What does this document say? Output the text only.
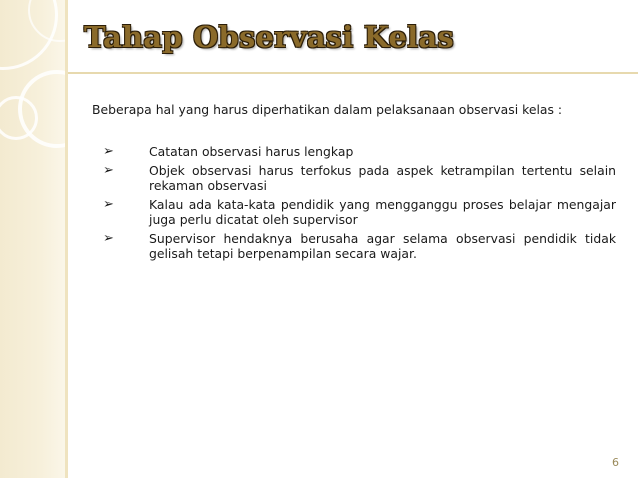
Tahap Observasi Kelas
Beberapa hal yang harus diperhatikan dalam pelaksanaan observasi kelas :
➢	Catatan observasi harus lengkap
➢	Objek observasi harus terfokus pada aspek ketrampilan tertentu selain rekaman observasi
➢	Kalau ada kata-kata pendidik yang mengganggu proses belajar mengajar juga perlu dicatat oleh supervisor
➢	Supervisor hendaknya berusaha agar selama observasi pendidik tidak gelisah tetapi berpenampilan secara wajar.
6
